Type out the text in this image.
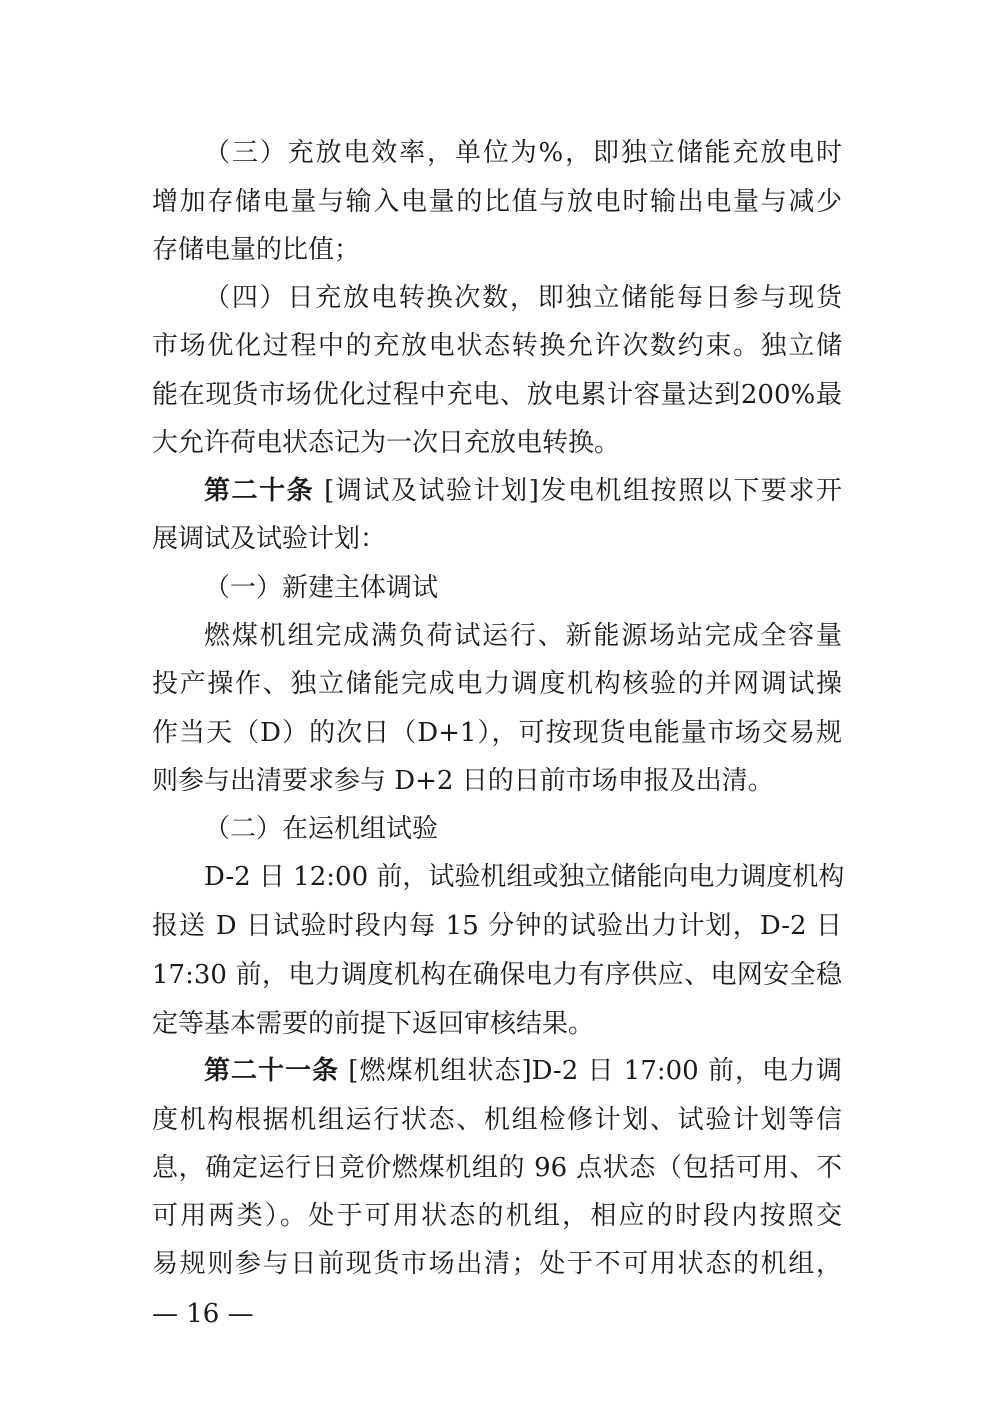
（三）充放电效率，单位为%，即独立储能充放电时
增加存储电量与输入电量的比值与放电时输出电量与减少
存储电量的比值；
（四）日充放电转换次数，即独立储能每日参与现货
市场优化过程中的充放电状态转换允许次数约束。独立储
能在现货市场优化过程中充电、放电累计容量达到200%最
大允许荷电状态记为一次日充放电转换。
第二十条 [调试及试验计划]发电机组按照以下要求开
展调试及试验计划：
（一）新建主体调试
燃煤机组完成满负荷试运行、新能源场站完成全容量
投产操作、独立储能完成电力调度机构核验的并网调试操
作当天（D）的次日（D+1），可按现货电能量市场交易规
则参与出清要求参与 D+2 日的日前市场申报及出清。
（二）在运机组试验
D-2 日 12:00 前，试验机组或独立储能向电力调度机构
报送 D 日试验时段内每 15 分钟的试验出力计划，D-2 日
17:30 前，电力调度机构在确保电力有序供应、电网安全稳
定等基本需要的前提下返回审核结果。
第二十一条 [燃煤机组状态]D-2 日 17:00 前，电力调
度机构根据机组运行状态、机组检修计划、试验计划等信
息，确定运行日竞价燃煤机组的 96 点状态（包括可用、不
可用两类）。处于可用状态的机组，相应的时段内按照交
易规则参与日前现货市场出清；处于不可用状态的机组，
— 16 —
